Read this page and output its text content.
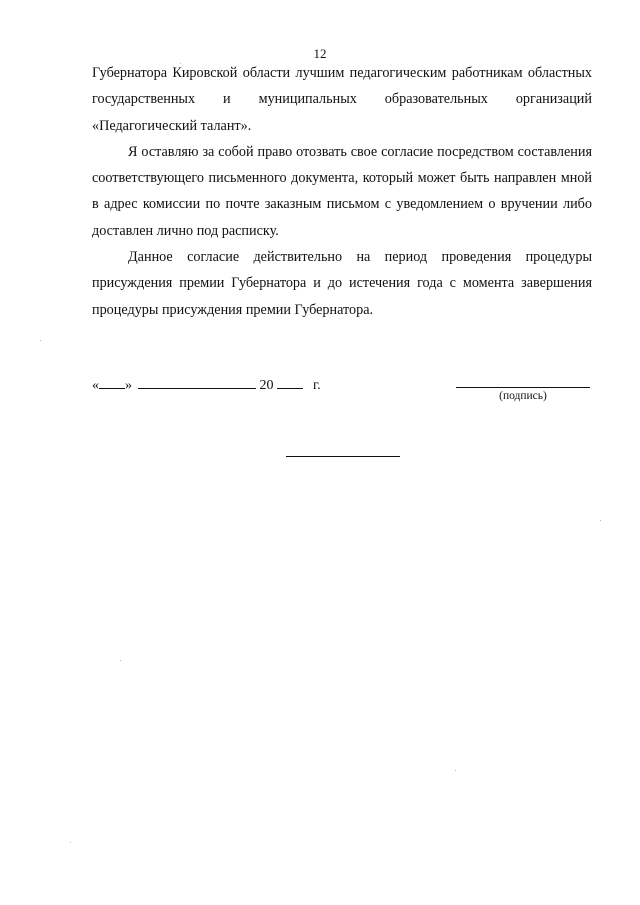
12

Губернатора Кировской области лучшим педагогическим работникам областных государственных и муниципальных образовательных организаций «Педагогический талант».

Я оставляю за собой право отозвать свое согласие посредством составления соответствующего письменного документа, который может быть направлен мной в адрес комиссии по почте заказным письмом с уведомлением о вручении либо доставлен лично под расписку.

Данное согласие действительно на период проведения процедуры присуждения премии Губернатора и до истечения года с момента завершения процедуры присуждения премии Губернатора.

« »	20	г.
(подпись)
